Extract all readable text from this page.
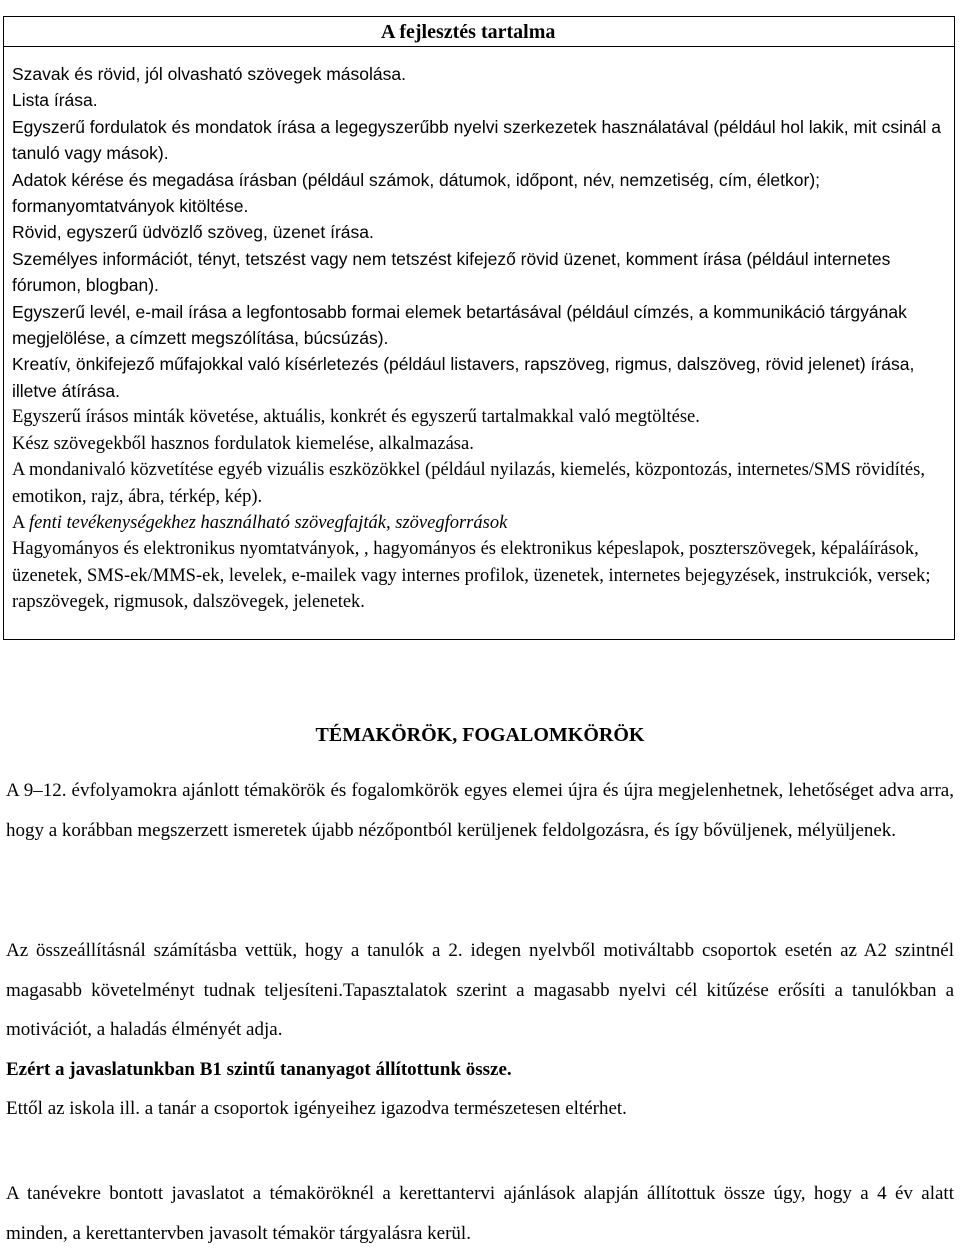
A fejlesztés tartalma

Szavak és rövid, jól olvasható szövegek másolása.

Lista írása.

Egyszerű fordulatok és mondatok írása a legegyszerűbb nyelvi szerkezetek használatával (például hol lakik, mit csinál a tanuló vagy mások).

Adatok kérése és megadása írásban (például számok, dátumok, időpont, név, nemzetiség, cím, életkor); formanyomtatványok kitöltése.

Rövid, egyszerű üdvözlő szöveg, üzenet írása.

Személyes információt, tényt, tetszést vagy nem tetszést kifejező rövid üzenet, komment írása (például internetes fórumon, blogban).

Egyszerű levél, e-mail írása a legfontosabb formai elemek betartásával (például címzés, a kommunikáció tárgyának megjelölése, a címzett megszólítása, búcsúzás).

Kreatív, önkifejező műfajokkal való kísérletezés (például listavers, rapszöveg, rigmus, dalszöveg, rövid jelenet) írása, illetve átírása.

Egyszerű írásos minták követése, aktuális, konkrét és egyszerű tartalmakkal való megtöltése.

Kész szövegekből hasznos fordulatok kiemelése, alkalmazása.

A mondanivaló közvetítése egyéb vizuális eszközökkel (például nyilazás, kiemelés, központozás, internetes/SMS rövidítés, emotikon, rajz, ábra, térkép, kép).

A fenti tevékenységekhez használható szövegfajták, szövegforrások

Hagyományos és elektronikus nyomtatványok, , hagyományos és elektronikus képeslapok, poszterszövegek, képaláírások, üzenetek, SMS-ek/MMS-ek, levelek, e-mailek vagy internes profilok, üzenetek, internetes bejegyzések, instrukciók, versek; rapszövegek, rigmusok, dalszövegek, jelenetek.

TÉMAKÖRÖK, FOGALOMKÖRÖK

A 9–12. évfolyamokra ajánlott témakörök és fogalomkörök egyes elemei újra és újra megjelenhetnek, lehetőséget adva arra, hogy a korábban megszerzett ismeretek újabb nézőpontból kerüljenek feldolgozásra, és így bővüljenek, mélyüljenek.

Az összeállításnál számításba vettük, hogy a tanulók a 2. idegen nyelvből motiváltabb csoportok esetén az A2 szintnél magasabb követelményt tudnak teljesíteni.Tapasztalatok szerint a magasabb nyelvi cél kitűzése erősíti a tanulókban a motivációt, a haladás élményét adja.

Ezért a javaslatunkban B1 szintű tananyagot állítottunk össze.

Ettől az iskola ill. a tanár a csoportok igényeihez igazodva természetesen eltérhet.

A tanévekre bontott javaslatot a témaköröknél a kerettantervi ajánlások alapján állítottuk össze úgy, hogy a 4 év alatt minden, a kerettantervben javasolt témakör tárgyalásra kerül.
